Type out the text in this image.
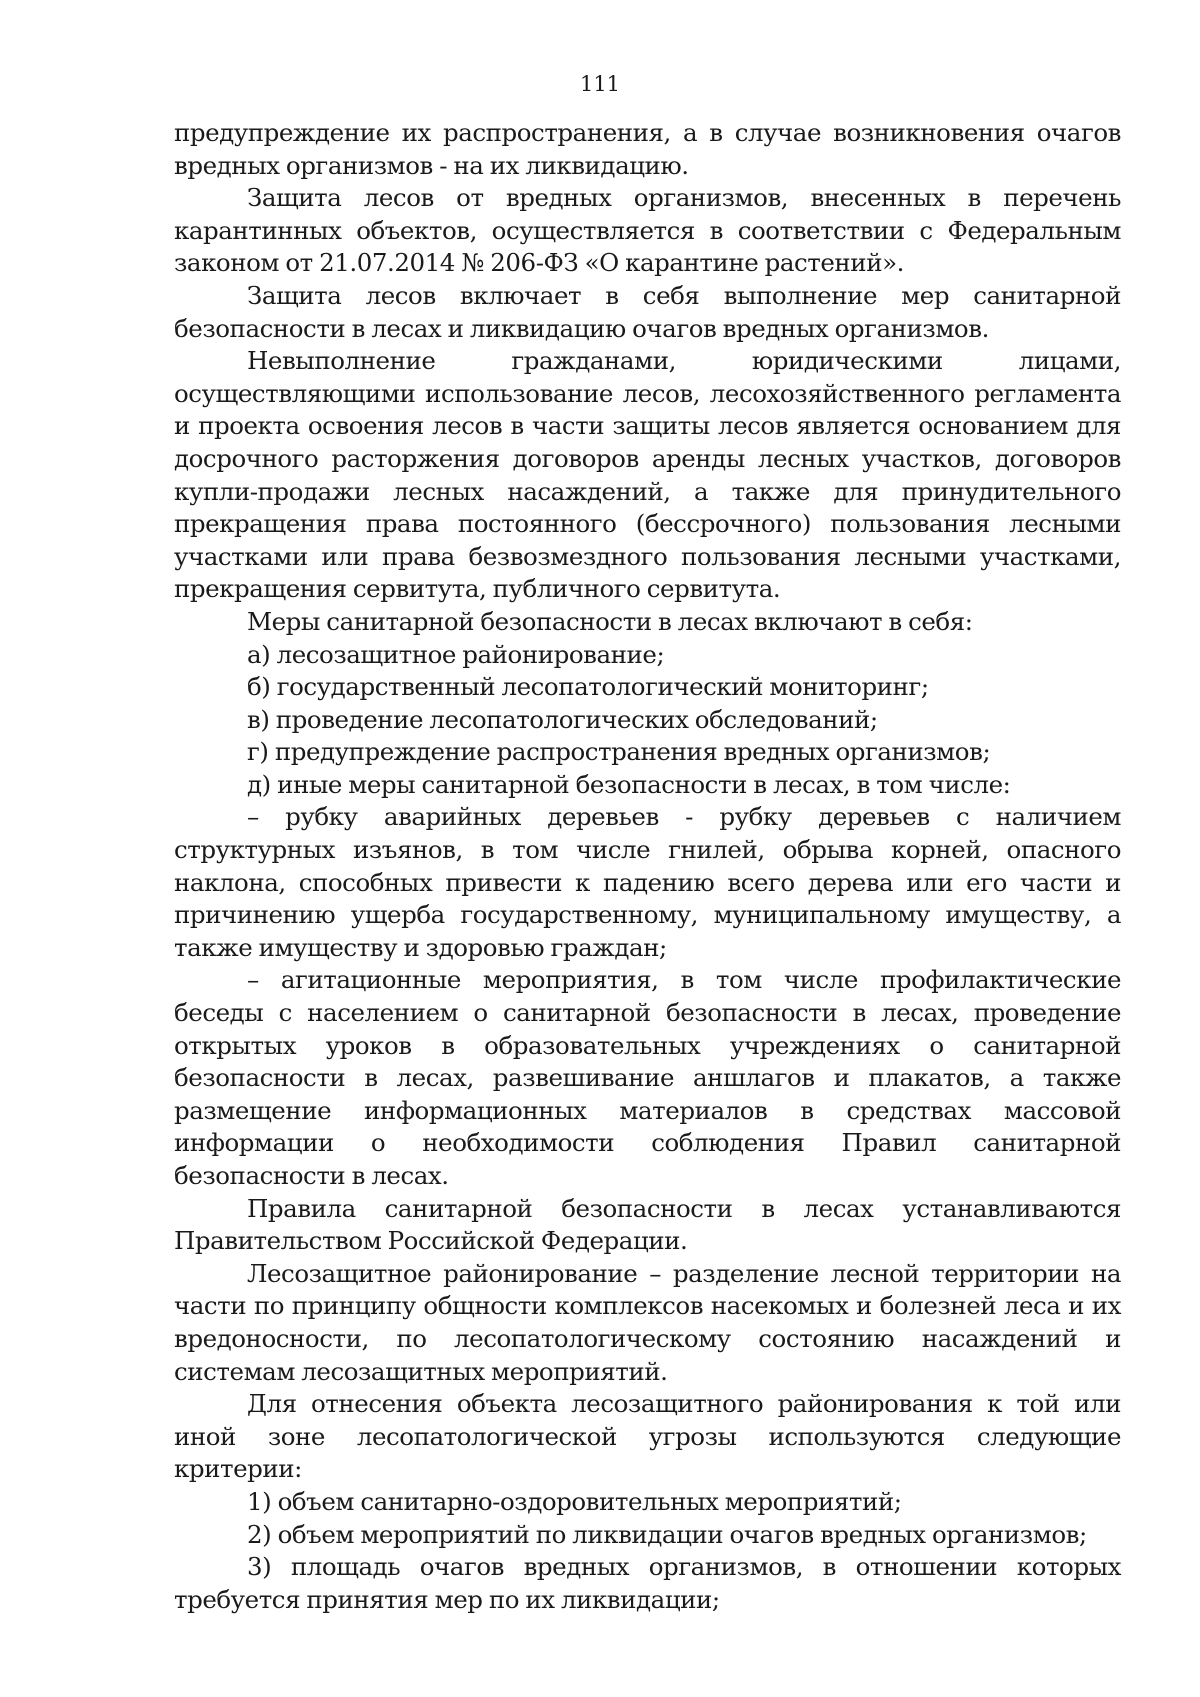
111

предупреждение их распространения, а в случае возникновения очагов вредных организмов - на их ликвидацию.

Защита лесов от вредных организмов, внесенных в перечень карантинных объектов, осуществляется в соответствии с Федеральным законом от 21.07.2014 № 206-ФЗ «О карантине растений».

Защита лесов включает в себя выполнение мер санитарной безопасности в лесах и ликвидацию очагов вредных организмов.

Невыполнение гражданами, юридическими лицами, осуществляющими использование лесов, лесохозяйственного регламента и проекта освоения лесов в части защиты лесов является основанием для досрочного расторжения договоров аренды лесных участков, договоров купли-продажи лесных насаждений, а также для принудительного прекращения права постоянного (бессрочного) пользования лесными участками или права безвозмездного пользования лесными участками, прекращения сервитута, публичного сервитута.

Меры санитарной безопасности в лесах включают в себя:

а) лесозащитное районирование;

б) государственный лесопатологический мониторинг;

в) проведение лесопатологических обследований;

г) предупреждение распространения вредных организмов;

д) иные меры санитарной безопасности в лесах, в том числе:

– рубку аварийных деревьев - рубку деревьев с наличием структурных изъянов, в том числе гнилей, обрыва корней, опасного наклона, способных привести к падению всего дерева или его части и причинению ущерба государственному, муниципальному имуществу, а также имуществу и здоровью граждан;

– агитационные мероприятия, в том числе профилактические беседы с населением о санитарной безопасности в лесах, проведение открытых уроков в образовательных учреждениях о санитарной безопасности в лесах, развешивание аншлагов и плакатов, а также размещение информационных материалов в средствах массовой информации о необходимости соблюдения Правил санитарной безопасности в лесах.

Правила санитарной безопасности в лесах устанавливаются Правительством Российской Федерации.

Лесозащитное районирование – разделение лесной территории на части по принципу общности комплексов насекомых и болезней леса и их вредоносности, по лесопатологическому состоянию насаждений и системам лесозащитных мероприятий.

Для отнесения объекта лесозащитного районирования к той или иной зоне лесопатологической угрозы используются следующие критерии:

1) объем санитарно-оздоровительных мероприятий;

2) объем мероприятий по ликвидации очагов вредных организмов;

3) площадь очагов вредных организмов, в отношении которых требуется принятия мер по их ликвидации;
